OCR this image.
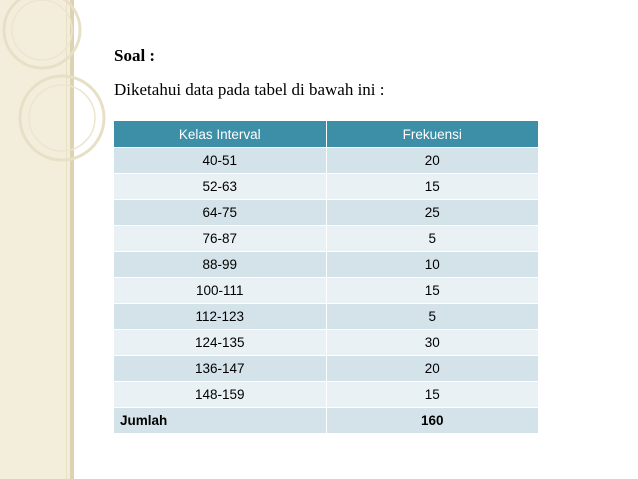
Soal :
Diketahui data pada tabel di bawah ini :
Kelas Interval	Frekuensi
40-51	20
52-63	15
64-75	25
76-87	5
88-99	10
100-111	15
112-123	5
124-135	30
136-147	20
148-159	15
Jumlah	160
